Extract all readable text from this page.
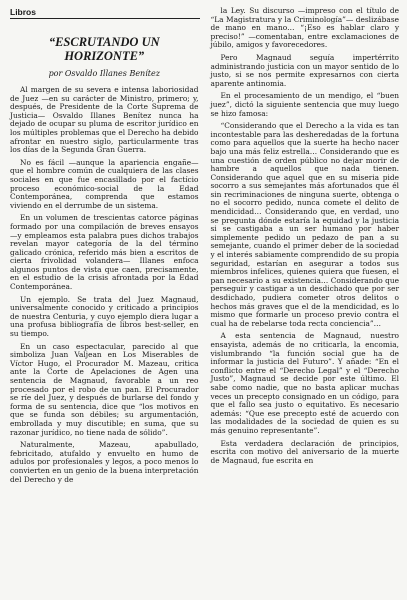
Libros
“ESCRUTANDO UN HORIZONTE”
por Osvaldo Illanes Benítez

Al margen de su severa e intensa laboriosidad de Juez —en su carácter de Ministro, primero; y, después, de Presidente de la Corte Suprema de Justicia— Osvaldo Illanes Benítez nunca ha dejado de ocupar su pluma de escritor jurídico en los múltiples problemas que el Derecho ha debido afrontar en nuestro siglo, particularmente tras los días de la Segunda Gran Guerra.

No es fácil —aunque la apariencia engañe— que el hombre común de cualquiera de las clases sociales en que fue encasillado por el factício proceso económico-social de la Edad Contemporánea, comprenda que estamos viviendo en el derrumbe de un sistema.

En un volumen de trescientas catorce páginas formado por una compilación de breves ensayos —y empleamos esta palabra pues dichos trabajos revelan mayor categoría de la del término galicado crónica, referido más bien a escritos de cierta frivolidad volandera— Illanes enfoca algunos puntos de vista que caen, precisamente, en el estudio de la crisis afrontada por la Edad Contemporánea.

Un ejemplo. Se trata del Juez Magnaud, universalmente conocido y criticado a principios de nuestra Centuria, y cuyo ejemplo diera lugar a una profusa bibliografía de libros best-seller, en su tiempo.

En un caso espectacular, parecido al que simboliza Juan Valjean en Los Miserables de Víctor Hugo, el Procurador M. Mazeau, critica ante la Corte de Apelaciones de Agen una sentencia de Magnaud, favorable a un reo procesado por el robo de un pan. El Procurador se ríe del Juez, y después de burlarse del fondo y forma de su sentencia, dice que “los motivos en que se funda son débiles; su argumentación, embrollada y muy discutible; en suma, que su razonar jurídico, no tiene nada de sólido”.

Naturalmente, Mazeau, apabullado, febricitado, atufaldo y envuelto en humo de adulos por profesionales y legos, a poco menos lo convierten en un genio de la buena interpretación del Derecho y de

la Ley. Su discurso —impreso con el título de “La Magistratura y la Criminología”— deslizábase de mano en mano… “¡Eso es hablar claro y preciso!” —comentaban, entre exclamaciones de júbilo, amigos y favorecedores.

Pero Magnaud seguía impertérrito administrando justicia con un mayor sentido de lo justo, si se nos permite expresarnos con cierta aparente antinomia.

En el procesamiento de un mendigo, el “buen juez”, dictó la siguiente sentencia que muy luego se hizo famosa:

“Considerando que el Derecho a la vida es tan incontestable para las desheredadas de la fortuna como para aquellos que la suerte ha hecho nacer bajo una más feliz estrella… Considerando que es una cuestión de orden público no dejar morir de hambre a aquellos que nada tienen. Considerando que aquel que en su miseria pide socorro a sus semejantes más afortunados que él sin recriminaciones de ninguna suerte, obtenga o no el socorro pedido, nunca comete el delito de mendicidad… Considerando que, en verdad, uno se pregunta dónde estaría la equidad y la justicia si se castigaba a un ser humano por haber simplemente pedido un pedazo de pan a su semejante, cuando el primer deber de la sociedad y el interés sabiamente comprendido de su propia seguridad, estarían en asegurar a todos sus miembros infelices, quienes quiera que fuesen, el pan necesario a su existencia… Considerando que perseguir y castigar a un desdichado que por ser desdichado, pudiera cometer otros delitos o hechos más graves que el de la mendicidad, es lo mismo que formarle un proceso previo contra el cual ha de rebelarse toda recta conciencia”…

A esta sentencia de Magnaud, nuestro ensayista, además de no criticarla, la encomia, vislumbrando “la función social que ha de informar la justicia del Futuro”. Y añade: “En el conflicto entre el “Derecho Legal” y el “Derecho Justo”, Magnaud se decide por este último. El sabe como nadie, que no basta aplicar muchas veces un precepto consignado en un código, para que el fallo sea justo o equitativo. Es necesario además: “Que ese precepto esté de acuerdo con las modalidades de la sociedad de quien es su más genuino representante”.

Esta verdadera declaración de principios, escrita con motivo del aniversario de la muerte de Magnaud, fue escrita en
